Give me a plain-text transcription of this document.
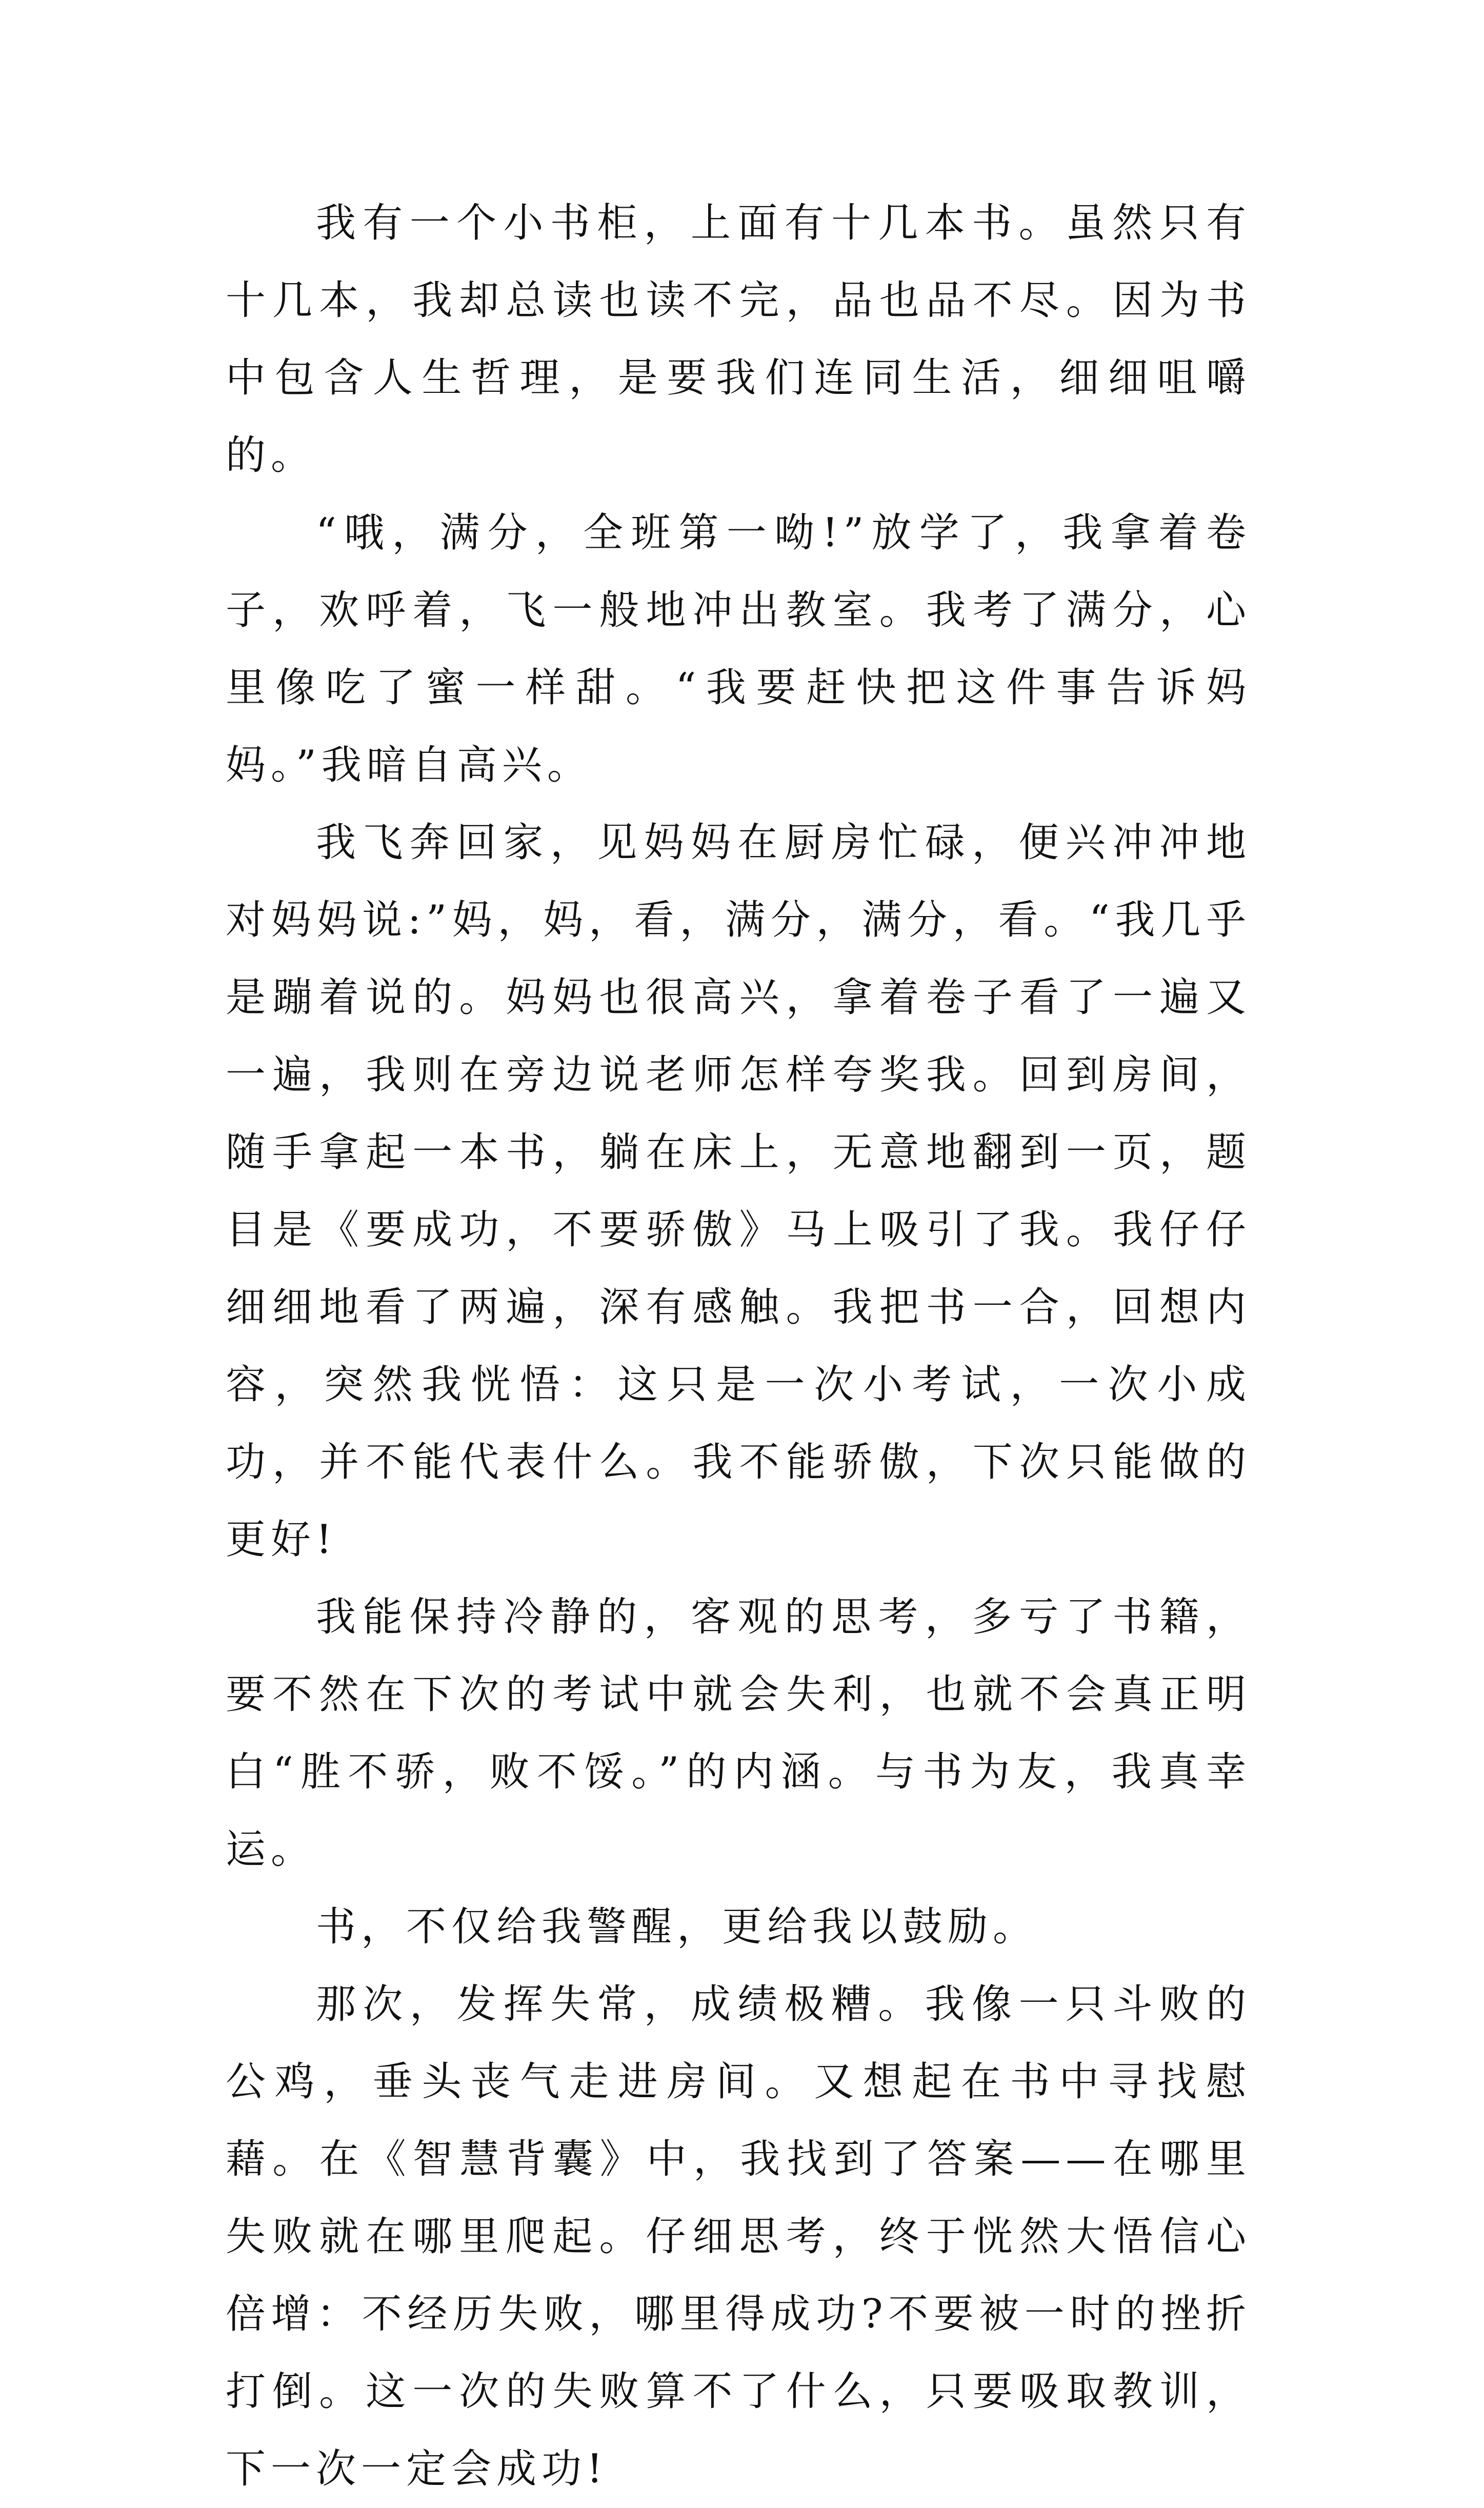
我有一个小书柜，上面有十几本书。虽然只有十几本，我却总读也读不完，品也品不尽。因为书中包含人生哲理，是要我们连同生活，细细咀嚼的。

“哦，满分，全班第一呦!”放学了，我拿着卷子，欢呼着，飞一般地冲出教室。我考了满分，心里像吃了蜜一样甜。“我要赶快把这件事告诉妈妈。”我暗自高兴。

我飞奔回家，见妈妈在厨房忙碌，便兴冲冲地对妈妈说:”妈，妈，看，满分，满分，看。“我几乎是蹦着说的。妈妈也很高兴，拿着卷子看了一遍又一遍，我则在旁边说老师怎样夸奖我。回到房间，随手拿起一本书，躺在床上，无意地翻到一页，题目是《要成功，不要骄傲》马上吸引了我。我仔仔细细地看了两遍，深有感触。我把书一合，回想内容，突然我恍悟：这只是一次小考试，一次小成功，并不能代表什么。我不能骄傲，下次只能做的更好!

我能保持冷静的，客观的思考，多亏了书籍，要不然在下次的考试中就会失利，也就不会真正明白“胜不骄，败不馁。”的内涵。与书为友，我真幸运。

书，不仅给我警醒，更给我以鼓励。

那次，发挥失常，成绩极糟。我像一只斗败的公鸡，垂头丧气走进房间。又想起在书中寻找慰藉。在《智慧背囊》中，我找到了答案——在哪里失败就在哪里爬起。仔细思考，终于恍然大悟信心倍增：不经历失败，哪里得成功?不要被一时的挫折打倒。这一次的失败算不了什么，只要吸取教训，下一次一定会成功!
